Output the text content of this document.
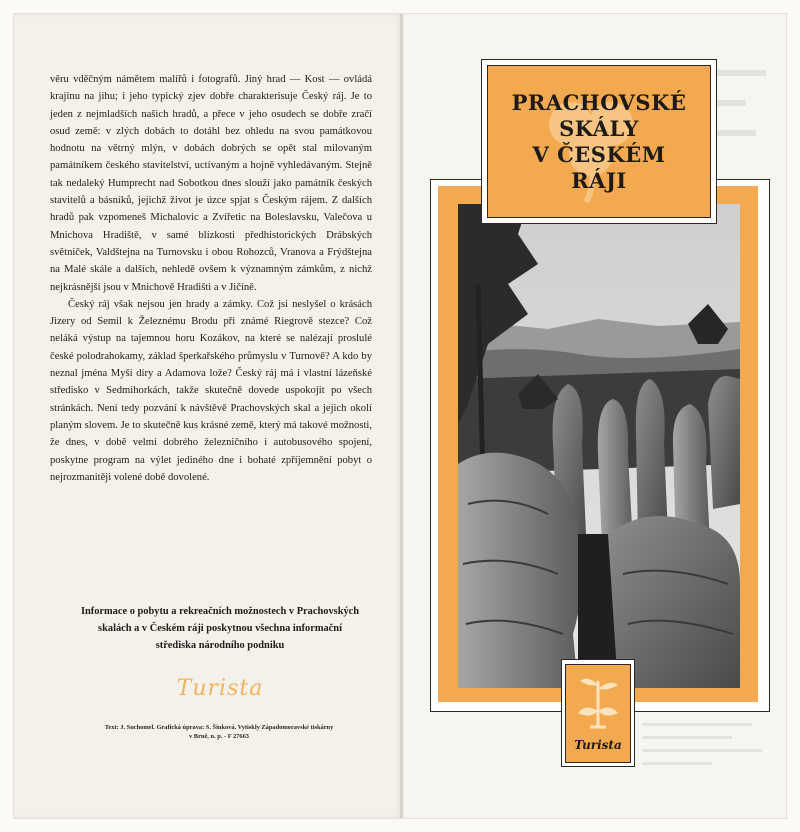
věru vděčným námětem malířů i fotografů. Jiný hrad — Kost — ovládá krajinu na jihu; i jeho typický zjev dobře charakterisuje Český ráj. Je to jeden z nejmladších našich hradů, a přece v jeho osudech se dobře zračí osud země: v zlých dobách to dotáhl bez ohledu na svou památkovou hodnotu na větrný mlýn, v dobách dobrých se opět stal milovaným památníkem českého stavitelství, uctívaným a hojně vyhledávaným. Stejně tak nedaleký Humprecht nad Sobotkou dnes slouží jako památník českých stavitelů a básníků, jejichž život je úzce spjat s Českým rájem. Z dalších hradů pak vzpomeneš Michalovic a Zvířetic na Boleslavsku, Valečova u Mnichova Hradiště, v samé blízkosti předhistorických Drábských světniček, Valdštejna na Turnovsku i obou Rohozců, Vranova a Frýdštejna na Malé skále a dalších, nehledě ovšem k významným zámkům, z nichž nejkrásnější jsou v Mnichově Hradišti a v Jičíně.

Český ráj však nejsou jen hrady a zámky. Což jsi neslyšel o krásách Jizery od Semil k Železnému Brodu při známé Riegrově stezce? Což neláká výstup na tajemnou horu Kozákov, na které se nalézají proslulé české polodrahokamy, základ šperkařského průmyslu v Turnově? A kdo by neznal jména Myší díry a Adamova lože? Český ráj má i vlastní lázeňské středisko v Sedmihorkách, takže skutečně dovede uspokojit po všech stránkách. Není tedy pozvání k návštěvě Prachovských skal a jejich okolí planým slovem. Je to skutečně kus krásné země, který má takové možnosti, že dnes, v době velmi dobrého železničního i autobusového spojení, poskytne program na výlet jediného dne i bohaté zpříjemnění pobyt o nejrozmanitěji volené době dovolené.

Informace o pobytu a rekreačních možnostech v Prachovských skalách a v Českém ráji poskytnou všechna informační střediska národního podniku
Turista
Text: J. Suchomel. Grafická úprava: S. Šinková. Vytiskly Západomoravské tiskárny
v Brně, n. p. - F 27663
PRACHOVSKÉ
SKÁLY
V ČESKÉM
RÁJI
Turista
